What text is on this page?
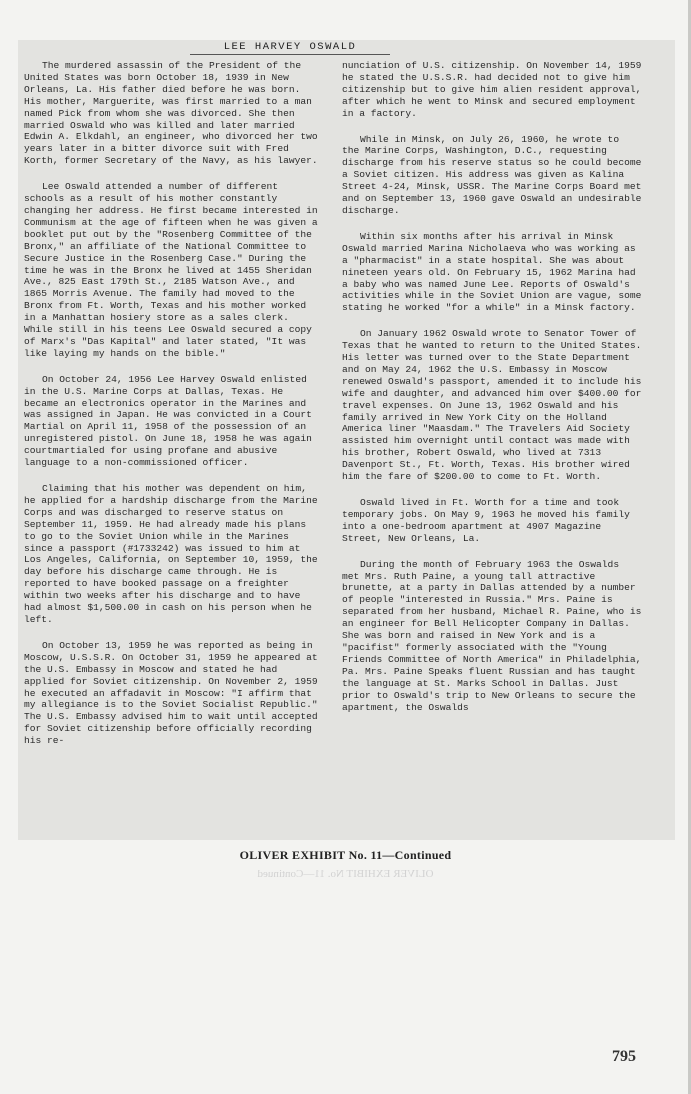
LEE HARVEY OSWALD

The murdered assassin of the President of the United States was born October 18, 1939 in New Orleans, La. His father died before he was born. His mother, Marguerite, was first married to a man named Pick from whom she was divorced. She then married Oswald who was killed and later married Edwin A. Elkdahl, an engineer, who divorced her two years later in a bitter divorce suit with Fred Korth, former Secretary of the Navy, as his lawyer.

Lee Oswald attended a number of different schools as a result of his mother constantly changing her address. He first became interested in Communism at the age of fifteen when he was given a booklet put out by the "Rosenberg Committee of the Bronx," an affiliate of the National Committee to Secure Justice in the Rosenberg Case." During the time he was in the Bronx he lived at 1455 Sheridan Ave., 825 East 179th St., 2185 Watson Ave., and 1865 Morris Avenue. The family had moved to the Bronx from Ft. Worth, Texas and his mother worked in a Manhattan hosiery store as a sales clerk. While still in his teens Lee Oswald secured a copy of Marx's "Das Kapital" and later stated, "It was like laying my hands on the bible."

On October 24, 1956 Lee Harvey Oswald enlisted in the U.S. Marine Corps at Dallas, Texas. He became an electronics operator in the Marines and was assigned in Japan. He was convicted in a Court Martial on April 11, 1958 of the possession of an unregistered pistol. On June 18, 1958 he was again courtmartialed for using profane and abusive language to a non-commissioned officer.

Claiming that his mother was dependent on him, he applied for a hardship discharge from the Marine Corps and was discharged to reserve status on September 11, 1959. He had already made his plans to go to the Soviet Union while in the Marines since a passport (#1733242) was issued to him at Los Angeles, California, on September 10, 1959, the day before his discharge came through. He is reported to have booked passage on a freighter within two weeks after his discharge and to have had almost $1,500.00 in cash on his person when he left.

On October 13, 1959 he was reported as being in Moscow, U.S.S.R. On October 31, 1959 he appeared at the U.S. Embassy in Moscow and stated he had applied for Soviet citizenship. On November 2, 1959 he executed an affadavit in Moscow: "I affirm that my allegiance is to the Soviet Socialist Republic." The U.S. Embassy advised him to wait until accepted for Soviet citizenship before officially recording his re-

nunciation of U.S. citizenship. On November 14, 1959 he stated the U.S.S.R. had decided not to give him citizenship but to give him alien resident approval, after which he went to Minsk and secured employment in a factory.

While in Minsk, on July 26, 1960, he wrote to the Marine Corps, Washington, D.C., requesting discharge from his reserve status so he could become a Soviet citizen. His address was given as Kalina Street 4-24, Minsk, USSR. The Marine Corps Board met and on September 13, 1960 gave Oswald an undesirable discharge.

Within six months after his arrival in Minsk Oswald married Marina Nicholaeva who was working as a "pharmacist" in a state hospital. She was about nineteen years old. On February 15, 1962 Marina had a baby who was named June Lee. Reports of Oswald's activities while in the Soviet Union are vague, some stating he worked "for a while" in a Minsk factory.

On January 1962 Oswald wrote to Senator Tower of Texas that he wanted to return to the United States. His letter was turned over to the State Department and on May 24, 1962 the U.S. Embassy in Moscow renewed Oswald's passport, amended it to include his wife and daughter, and advanced him over $400.00 for travel expenses. On June 13, 1962 Oswald and his family arrived in New York City on the Holland America liner "Maasdam." The Travelers Aid Society assisted him overnight until contact was made with his brother, Robert Oswald, who lived at 7313 Davenport St., Ft. Worth, Texas. His brother wired him the fare of $200.00 to come to Ft. Worth.

Oswald lived in Ft. Worth for a time and took temporary jobs. On May 9, 1963 he moved his family into a one-bedroom apartment at 4907 Magazine Street, New Orleans, La.

During the month of February 1963 the Oswalds met Mrs. Ruth Paine, a young tall attractive brunette, at a party in Dallas attended by a number of people "interested in Russia." Mrs. Paine is separated from her husband, Michael R. Paine, who is an engineer for Bell Helicopter Company in Dallas. She was born and raised in New York and is a "pacifist" formerly associated with the "Young Friends Committee of North America" in Philadelphia, Pa. Mrs. Paine Speaks fluent Russian and has taught the language at St. Marks School in Dallas. Just prior to Oswald's trip to New Orleans to secure the apartment, the Oswalds

OLIVER EXHIBIT No. 11—Continued
OLIVER EXHIBIT No. 11—Continued
795
